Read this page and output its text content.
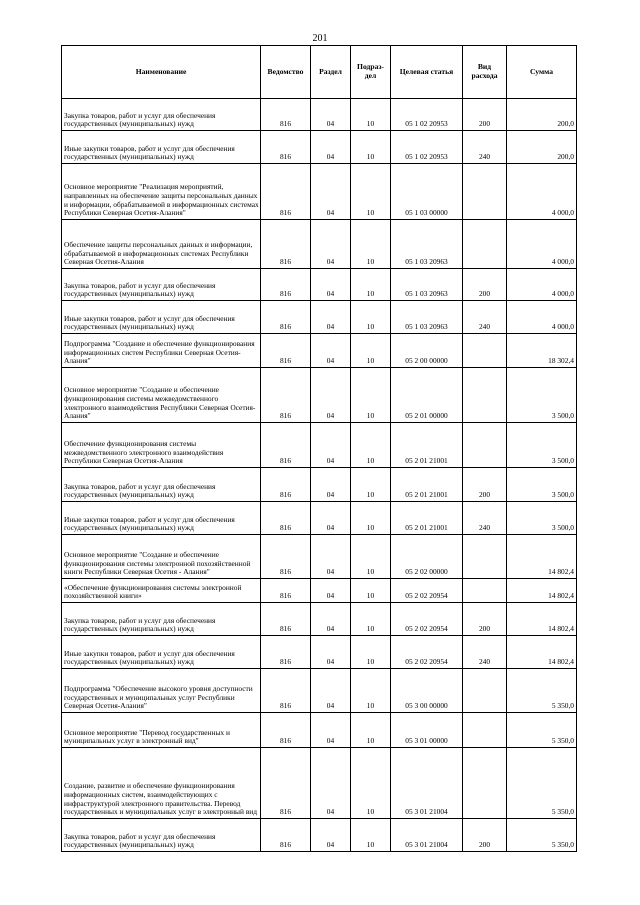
201
Наименование	Ведомство	Раздел	Подраз-дел	Целевая статья	Вид расхода	Сумма
Закупка товаров, работ и услуг для обеспечения государственных (муниципальных) нужд	816	04	10	05 1 02 20953	200	200,0
Иные закупки товаров, работ и услуг для обеспечения государственных (муниципальных) нужд	816	04	10	05 1 02 20953	240	200,0
Основное мероприятие "Реализация мероприятий, направленных на обеспечение защиты персональных данных и информации, обрабатываемой в информационных системах Республики Северная Осетия-Алания"	816	04	10	05 1 03 00000		4 000,0
Обеспечение защиты персональных данных и информации, обрабатываемой в информационных системах Республики Северная Осетия-Алания	816	04	10	05 1 03 20963		4 000,0
Закупка товаров, работ и услуг для обеспечения государственных (муниципальных) нужд	816	04	10	05 1 03 20963	200	4 000,0
Иные закупки товаров, работ и услуг для обеспечения государственных (муниципальных) нужд	816	04	10	05 1 03 20963	240	4 000,0
Подпрограмма "Создание и обеспечение функционирования информационных систем Республики Северная Осетия-Алания"	816	04	10	05 2 00 00000		18 302,4
Основное мероприятие "Создание и обеспечение функционирования системы межведомственного электронного взаимодействия Республики Северная Осетия-Алания"	816	04	10	05 2 01 00000		3 500,0
Обеспечение функционирования системы межведомственного электронного взаимодействия Республики Северная Осетия-Алания	816	04	10	05 2 01 21001		3 500,0
Закупка товаров, работ и услуг для обеспечения государственных (муниципальных) нужд	816	04	10	05 2 01 21001	200	3 500,0
Иные закупки товаров, работ и услуг для обеспечения государственных (муниципальных) нужд	816	04	10	05 2 01 21001	240	3 500,0
Основное мероприятие "Создание и обеспечение функционирования системы электронной похозяйственной книги Республики Северная Осетия - Алания"	816	04	10	05 2 02 00000		14 802,4
«Обеспечение функционирования системы электронной похозяйственной книги»	816	04	10	05 2 02 20954		14 802,4
Закупка товаров, работ и услуг для обеспечения государственных (муниципальных) нужд	816	04	10	05 2 02 20954	200	14 802,4
Иные закупки товаров, работ и услуг для обеспечения государственных (муниципальных) нужд	816	04	10	05 2 02 20954	240	14 802,4
Подпрограмма "Обеспечение высокого уровня доступности государственных и муниципальных услуг Республики Северная Осетия-Алания"	816	04	10	05 3 00 00000		5 350,0
Основное мероприятие "Перевод государственных и муниципальных услуг в электронный вид"	816	04	10	05 3 01 00000		5 350,0
Создание, развитие и обеспечение функционирования информационных систем, взаимодействующих с инфраструктурой электронного правительства. Перевод государственных и муниципальных услуг в электронный вид	816	04	10	05 3 01 21004		5 350,0
Закупка товаров, работ и услуг для обеспечения государственных (муниципальных) нужд	816	04	10	05 3 01 21004	200	5 350,0
